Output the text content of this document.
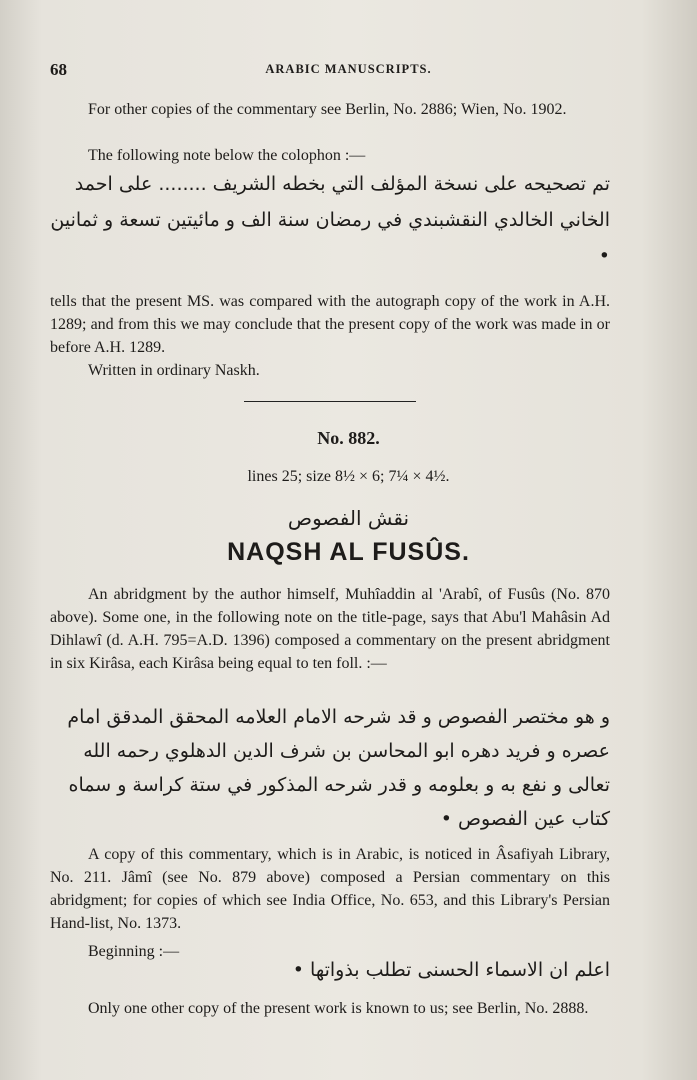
68	ARABIC MANUSCRIPTS.

For other copies of the commentary see Berlin, No. 2886; Wien, No. 1902.

The following note below the colophon :—

تم تصحيحه على نسخة المؤلف التي بخطه الشريف ........ على احمد الخاني الخالدي النقشبندي في رمضان سنة الف و مائيتين تسعة و ثمانين •

tells that the present MS. was compared with the autograph copy of the work in A.H. 1289; and from this we may conclude that the present copy of the work was made in or before A.H. 1289.

Written in ordinary Naskh.

No. 882.
lines 25; size 8½ × 6; 7¼ × 4½.
نقش الفصوص
NAQSH AL FUSÛS.

An abridgment by the author himself, Muhîaddin al 'Arabî, of Fusûs (No. 870 above). Some one, in the following note on the title-page, says that Abu'l Mahâsin Ad Dihlawî (d. A.H. 795=A.D. 1396) composed a commentary on the present abridgment in six Kirâsa, each Kirâsa being equal to ten foll. :—

و هو مختصر الفصوص و قد شرحه الامام العلامه المحقق المدقق امام عصره و فريد دهره ابو المحاسن بن شرف الدين الدهلوي رحمه الله تعالى و نفع به و بعلومه و قدر شرحه المذكور في ستة كراسة و سماه كتاب عين الفصوص •

A copy of this commentary, which is in Arabic, is noticed in Âsafiyah Library, No. 211. Jâmî (see No. 879 above) composed a Persian commentary on this abridgment; for copies of which see India Office, No. 653, and this Library's Persian Hand-list, No. 1373.

Beginning :—

اعلم ان الاسماء الحسنى تطلب بذواتها •

Only one other copy of the present work is known to us; see Berlin, No. 2888.
